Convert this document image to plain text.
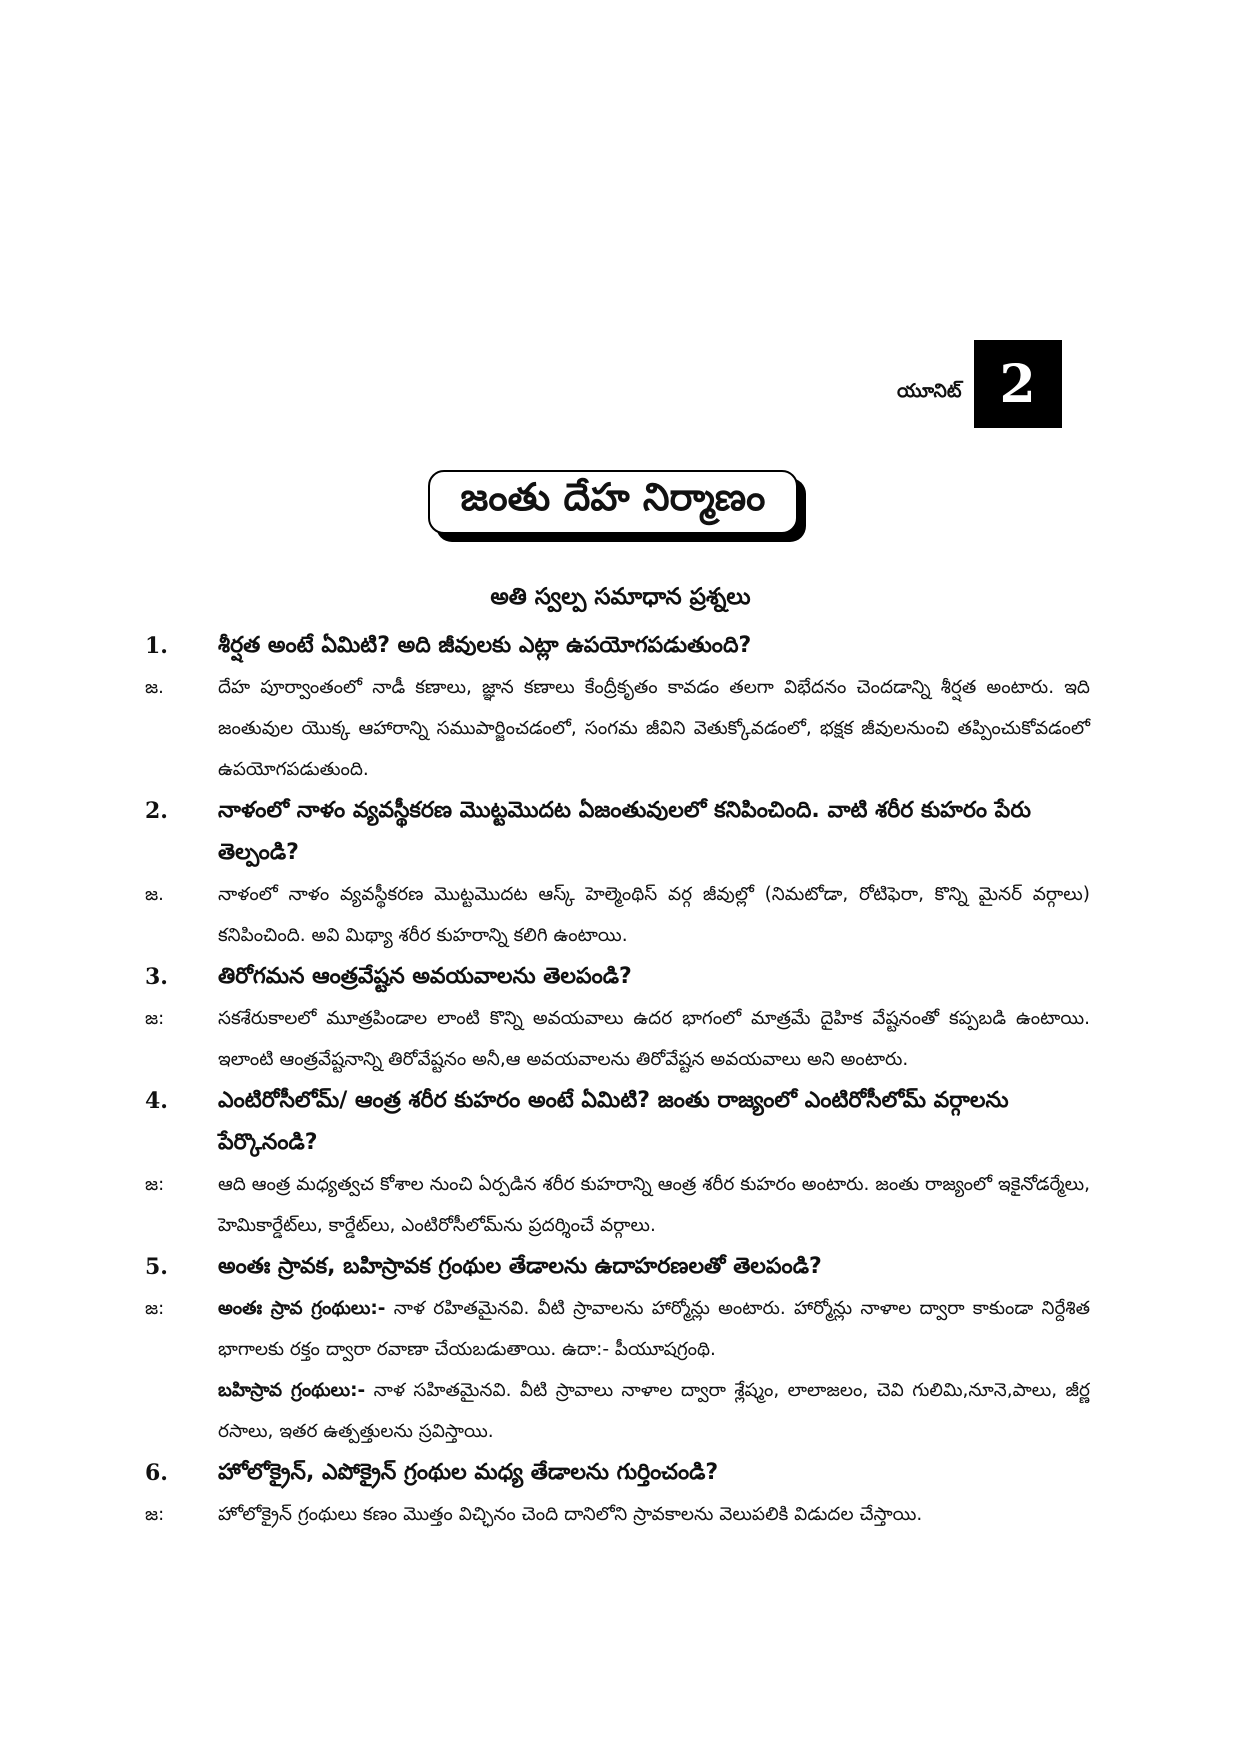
యూనిట్ 2
జంతు దేహ నిర్మాణం
అతి స్వల్ప సమాధాన ప్రశ్నలు
1.	శీర్షత అంటే ఏమిటి? అది జీవులకు ఎట్లా ఉపయోగపడుతుంది?
జ.	దేహ పూర్వాంతంలో నాడీ కణాలు, జ్ఞాన కణాలు కేంద్రీకృతం కావడం తలగా విభేదనం చెందడాన్ని శీర్షత అంటారు. ఇది జంతువుల యొక్క ఆహారాన్ని సముపార్జించడంలో, సంగమ జీవిని వెతుక్కోవడంలో, భక్షక జీవులనుంచి తప్పించుకోవడంలో ఉపయోగపడుతుంది.
2.	నాళంలో నాళం వ్యవస్థీకరణ మొట్టమొదట ఏజంతువులలో కనిపించింది. వాటి శరీర కుహరం పేరు తెల్పండి?
జ.	నాళంలో నాళం వ్యవస్థీకరణ మొట్టమొదట ఆస్క్ హెల్మెంథిస్ వర్గ జీవుల్లో (నిమటోడా, రోటిఫెరా, కొన్ని మైనర్ వర్గాలు) కనిపించింది. అవి మిథ్యా శరీర కుహరాన్ని కలిగి ఉంటాయి.
3.	తిరోగమన ఆంత్రవేష్టన అవయవాలను తెలపండి?
జ:	సకశేరుకాలలో మూత్రపిండాల లాంటి కొన్ని అవయవాలు ఉదర భాగంలో మాత్రమే దైహిక వేష్టనంతో కప్పబడి ఉంటాయి. ఇలాంటి ఆంత్రవేష్టనాన్ని తిరోవేష్టనం అనీ,ఆ అవయవాలను తిరోవేష్టన అవయవాలు అని అంటారు.
4.	ఎంటిరోసీలోమ్/ ఆంత్ర శరీర కుహరం అంటే ఏమిటి? జంతు రాజ్యంలో ఎంటిరోసీలోమ్ వర్గాలను పేర్కొనండి?
జ:	ఆది ఆంత్ర మధ్యత్వచ కోశాల నుంచి ఏర్పడిన శరీర కుహరాన్ని ఆంత్ర శరీర కుహరం అంటారు. జంతు రాజ్యంలో ఇకైనోడర్మేలు, హెమికార్డేట్‌లు, కార్డేట్‌లు, ఎంటిరోసీలోమ్‌ను ప్రదర్శించే వర్గాలు.
5.	అంతః స్రావక, బహిస్రావక గ్రంథుల తేడాలను ఉదాహరణలతో తెలపండి?
జ:	అంతః స్రావ గ్రంథులు:- నాళ రహితమైనవి. వీటి స్రావాలను హార్మోన్లు అంటారు. హార్మోన్లు నాళాల ద్వారా కాకుండా నిర్దేశిత భాగాలకు రక్తం ద్వారా రవాణా చేయబడుతాయి. ఉదా:- పీయూషగ్రంథి.
బహిస్రావ గ్రంథులు:- నాళ సహితమైనవి. వీటి స్రావాలు నాళాల ద్వారా శ్లేష్మం, లాలాజలం, చెవి గులిమి,నూనె,పాలు, జీర్ణ రసాలు, ఇతర ఉత్పత్తులను స్రవిస్తాయి.
6.	హోలోక్రైన్, ఎపోక్రైన్ గ్రంథుల మధ్య తేడాలను గుర్తించండి?
జ:	హోలోక్రైన్ గ్రంథులు కణం మొత్తం విచ్ఛినం చెంది దానిలోని స్రావకాలను వెలుపలికి విడుదల చేస్తాయి.
